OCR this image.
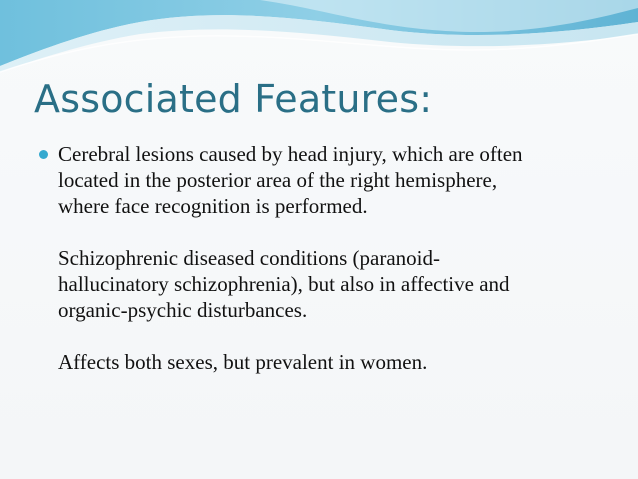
Associated Features:

Cerebral lesions caused by head injury, which are often
located in the posterior area of the right hemisphere,
where face recognition is performed.

Schizophrenic diseased conditions (paranoid-
hallucinatory schizophrenia), but also in affective and
organic-psychic disturbances.

Affects both sexes, but prevalent in women.
